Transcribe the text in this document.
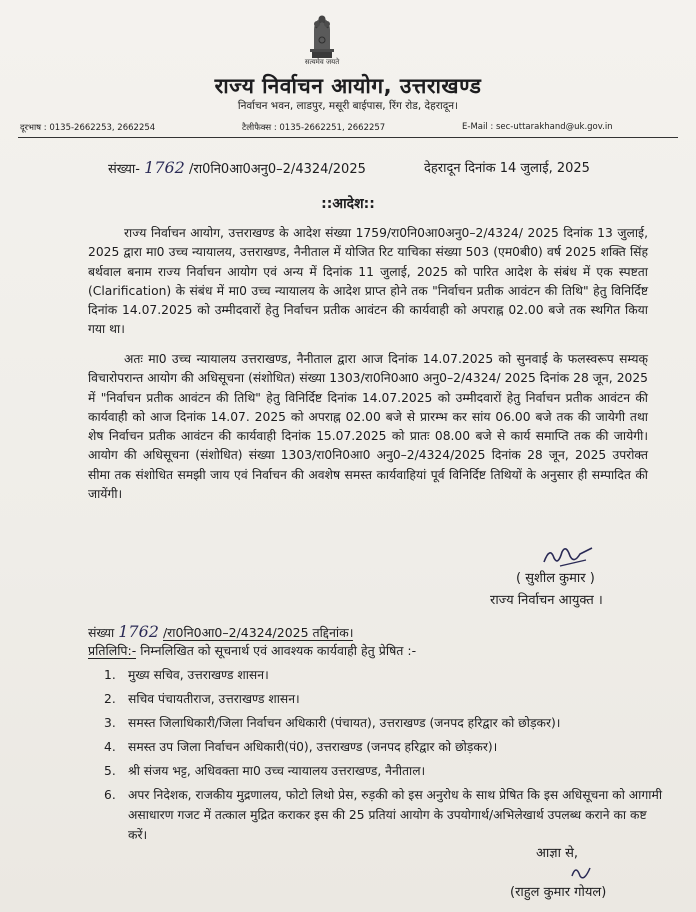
सत्यमेव जयते
राज्य निर्वाचन आयोग, उत्तराखण्ड
निर्वाचन भवन, लाडपुर, मसूरी बाईपास, रिंग रोड, देहरादून।
दूरभाष : 0135-2662253, 2662254	टैलीफैक्स : 0135-2662251, 2662257	E-Mail : sec-uttarakhand@uk.gov.in
संख्या- 1762 /रा0नि0आ0अनु0–2/4324/2025	देहरादून दिनांक 14 जुलाई, 2025
::आदेश::

राज्य निर्वाचन आयोग, उत्तराखण्ड के आदेश संख्या 1759/रा0नि0आ0अनु0–2/4324/ 2025 दिनांक 13 जुलाई, 2025 द्वारा मा0 उच्च न्यायालय, उत्तराखण्ड, नैनीताल में योजित रिट याचिका संख्या 503 (एम0बी0) वर्ष 2025 शक्ति सिंह बर्थवाल बनाम राज्य निर्वाचन आयोग एवं अन्य में दिनांक 11 जुलाई, 2025 को पारित आदेश के संबंध में एक स्पष्टता (Clarification) के संबंध में मा0 उच्च न्यायालय के आदेश प्राप्त होने तक "निर्वाचन प्रतीक आवंटन की तिथि" हेतु विनिर्दिष्ट दिनांक 14.07.2025 को उम्मीदवारों हेतु निर्वाचन प्रतीक आवंटन की कार्यवाही को अपराह्न 02.00 बजे तक स्थगित किया गया था।

अतः मा0 उच्च न्यायालय उत्तराखण्ड, नैनीताल द्वारा आज दिनांक 14.07.2025 को सुनवाई के फलस्वरूप सम्यक् विचारोपरान्त आयोग की अधिसूचना (संशोधित) संख्या 1303/रा0नि0आ0 अनु0–2/4324/ 2025 दिनांक 28 जून, 2025 में "निर्वाचन प्रतीक आवंटन की तिथि" हेतु विनिर्दिष्ट दिनांक 14.07.2025 को उम्मीदवारों हेतु निर्वाचन प्रतीक आवंटन की कार्यवाही को आज दिनांक 14.07. 2025 को अपराह्न 02.00 बजे से प्रारम्भ कर सांय 06.00 बजे तक की जायेगी तथा शेष निर्वाचन प्रतीक आवंटन की कार्यवाही दिनांक 15.07.2025 को प्रातः 08.00 बजे से कार्य समाप्ति तक की जायेगी। आयोग की अधिसूचना (संशोधित) संख्या 1303/रा0नि0आ0 अनु0–2/4324/2025 दिनांक 28 जून, 2025 उपरोक्त सीमा तक संशोधित समझी जाय एवं निर्वाचन की अवशेष समस्त कार्यवाहियां पूर्व विनिर्दिष्ट तिथियों के अनुसार ही सम्पादित की जायेंगी।

( सुशील कुमार )
राज्य निर्वाचन आयुक्त ।
संख्या 1762 /रा0नि0आ0–2/4324/2025 तद्दिनांक।
प्रतिलिपि:- निम्नलिखित को सूचनार्थ एवं आवश्यक कार्यवाही हेतु प्रेषित :-
1. मुख्य सचिव, उत्तराखण्ड शासन।
2. सचिव पंचायतीराज, उत्तराखण्ड शासन।
3. समस्त जिलाधिकारी/जिला निर्वाचन अधिकारी (पंचायत), उत्तराखण्ड (जनपद हरिद्वार को छोड़कर)।
4. समस्त उप जिला निर्वाचन अधिकारी(पं0), उत्तराखण्ड (जनपद हरिद्वार को छोड़कर)।
5. श्री संजय भट्ट, अधिवक्ता मा0 उच्च न्यायालय उत्तराखण्ड, नैनीताल।
6. अपर निदेशक, राजकीय मुद्रणालय, फोटो लिथो प्रेस, रुड़की को इस अनुरोध के साथ प्रेषित कि इस अधिसूचना को आगामी असाधारण गजट में तत्काल मुद्रित कराकर इस की 25 प्रतियां आयोग के उपयोगार्थ/अभिलेखार्थ उपलब्ध कराने का कष्ट करें।
आज्ञा से,
(राहुल कुमार गोयल)
